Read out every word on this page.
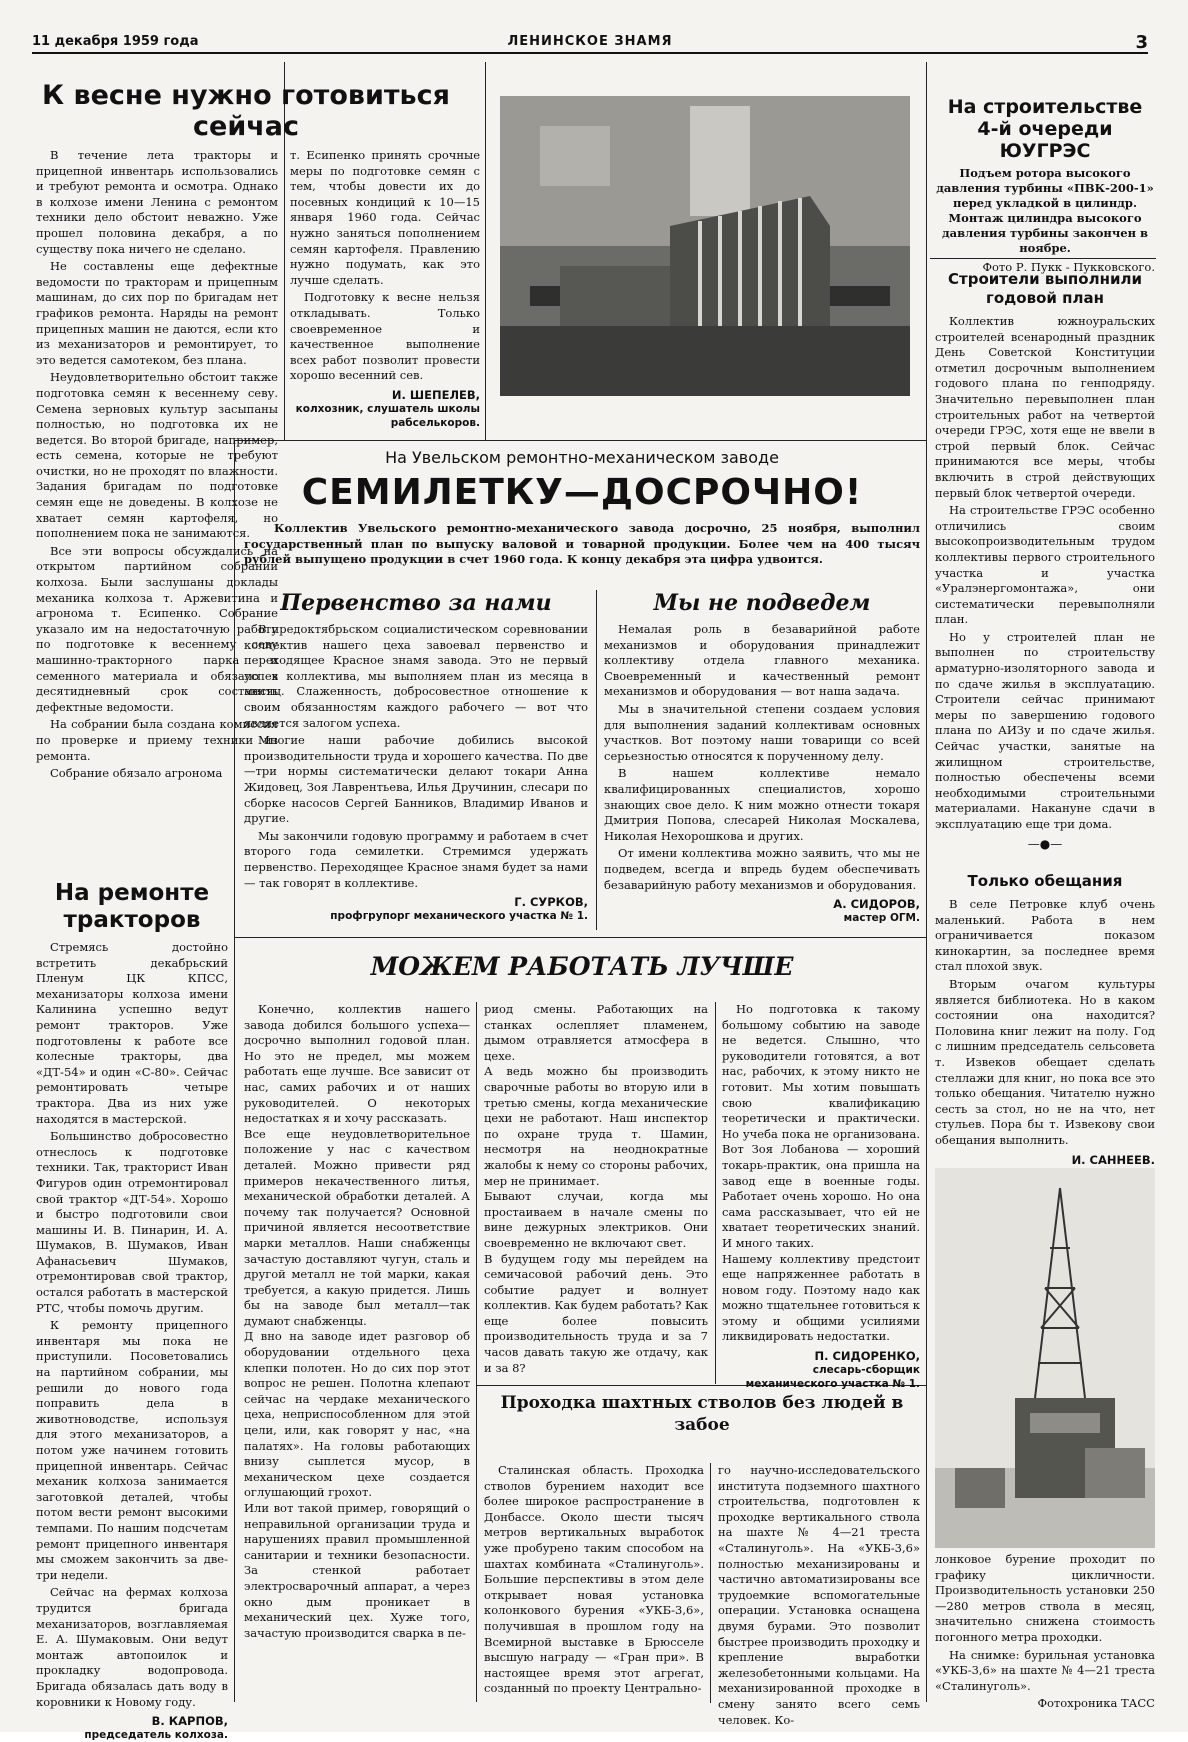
11 декабря 1959 года	ЛЕНИНСКОЕ ЗНАМЯ	3
К весне нужно готовиться сейчас

В течение лета тракторы и прицепной инвентарь использовались и требуют ремонта и осмотра. Однако в колхозе имени Ленина с ремонтом техники дело обстоит неважно. Уже прошел половина декабря, а по существу пока ничего не сделано.

Не составлены еще дефектные ведомости по тракторам и прицепным машинам, до сих пор по бригадам нет графиков ремонта. Наряды на ремонт прицепных машин не даются, если кто из механизаторов и ремонтирует, то это ведется самотеком, без плана.

Неудовлетворительно обстоит также подготовка семян к весеннему севу. Семена зерновых культур засыпаны полностью, но подготовка их не ведется. Во второй бригаде, например, есть семена, которые не требуют очистки, но не проходят по влажности. Задания бригадам по подготовке семян еще не доведены. В колхозе не хватает семян картофеля, но пополнением пока не занимаются.

Все эти вопросы обсуждались на открытом партийном собрании колхоза. Были заслушаны доклады механика колхоза т. Аржевитина и агронома т. Есипенко. Собрание указало им на недостаточную работу по подготовке к весеннему севу машинно-тракторного парка и семенного материала и обязало в десятидневный срок составить дефектные ведомости.

На собрании была создана комиссия по проверке и приему техники из ремонта.

Собрание обязало агронома

т. Есипенко принять срочные меры по подготовке семян с тем, чтобы довести их до посевных кондиций к 10—15 января 1960 года. Сейчас нужно заняться пополнением семян картофеля. Правлению нужно подумать, как это лучше сделать.

Подготовку к весне нельзя откладывать. Только своевременное и качественное выполнение всех работ позволит провести хорошо весенний сев.

И. ШЕПЕЛЕВ,

колхозник, слушатель школы рабселькоров.

На строительстве 4-й очереди ЮУГРЭС

Подъем ротора высокого давления турбины «ПВК-200-1» перед укладкой в цилиндр. Монтаж цилиндра высокого давления турбины закончен в ноябре.

Фото Р. Пукк - Пукковского.

Строители выполнили годовой план

Коллектив южноуральских строителей всенародный праздник День Советской Конституции отметил досрочным выполнением годового плана по генподряду. Значительно перевыполнен план строительных работ на четвертой очереди ГРЭС, хотя еще не ввели в строй первый блок. Сейчас принимаются все меры, чтобы включить в строй действующих первый блок четвертой очереди.

На строительстве ГРЭС особенно отличились своим высокопроизводительным трудом коллективы первого строительного участка и участка «Уралэнергомонтажа», они систематически перевыполняли план.

Но у строителей план не выполнен по строительству арматурно-изоляторного завода и по сдаче жилья в эксплуатацию. Строители сейчас принимают меры по завершению годового плана по АИЗу и по сдаче жилья. Сейчас участки, занятые на жилищном строительстве, полностью обеспечены всеми необходимыми строительными материалами. Накануне сдачи в эксплуатацию еще три дома.

—●—
Только обещания

В селе Петровке клуб очень маленький. Работа в нем ограничивается показом кинокартин, за последнее время стал плохой звук.

Вторым очагом культуры является библиотека. Но в каком состоянии она находится? Половина книг лежит на полу. Год с лишним председатель сельсовета т. Извеков обещает сделать стеллажи для книг, но пока все это только обещания. Читателю нужно сесть за стол, но не на что, нет стульев. Пора бы т. Извекову свои обещания выполнить.

И. САННЕЕВ.

лонковое бурение проходит по графику цикличности. Производительность установки 250—280 метров ствола в месяц, значительно снижена стоимость погонного метра проходки.

На снимке: бурильная установка «УКБ-3,6» на шахте № 4—21 треста «Сталинуголь».

Фотохроника ТАСС

На Увельском ремонтно-механическом заводе
СЕМИЛЕТКУ—ДОСРОЧНО!

Коллектив Увельского ремонтно-механического завода досрочно, 25 ноября, выполнил государственный план по выпуску валовой и товарной продукции. Более чем на 400 тысяч рублей выпущено продукции в счет 1960 года. К концу декабря эта цифра удвоится.

Первенство за нами

В предоктябрьском социалистическом соревновании коллектив нашего цеха завоевал первенство и переходящее Красное знамя завода. Это не первый успех коллектива, мы выполняем план из месяца в месяц. Слаженность, добросовестное отношение к своим обязанностям каждого рабочего — вот что является залогом успеха.

Многие наши рабочие добились высокой производительности труда и хорошего качества. По две—три нормы систематически делают токари Анна Жидовец, Зоя Лаврентьева, Илья Дручинин, слесари по сборке насосов Сергей Банников, Владимир Иванов и другие.

Мы закончили годовую программу и работаем в счет второго года семилетки. Стремимся удержать первенство. Переходящее Красное знамя будет за нами — так говорят в коллективе.

Г. СУРКОВ,

профгрупорг механического участка № 1.

Мы не подведем

Немалая роль в безаварийной работе механизмов и оборудования принадлежит коллективу отдела главного механика. Своевременный и качественный ремонт механизмов и оборудования — вот наша задача.

Мы в значительной степени создаем условия для выполнения заданий коллективам основных участков. Вот поэтому наши товарищи со всей серьезностью относятся к порученному делу.

В нашем коллективе немало квалифицированных специалистов, хорошо знающих свое дело. К ним можно отнести токаря Дмитрия Попова, слесарей Николая Москалева, Николая Нехорошкова и других.

От имени коллектива можно заявить, что мы не подведем, всегда и впредь будем обеспечивать безаварийную работу механизмов и оборудования.

А. СИДОРОВ,

мастер ОГМ.

На ремонте тракторов

Стремясь достойно встретить декабрьский Пленум ЦК КПСС, механизаторы колхоза имени Калинина успешно ведут ремонт тракторов. Уже подготовлены к работе все колесные тракторы, два «ДТ-54» и один «С-80». Сейчас ремонтировать четыре трактора. Два из них уже находятся в мастерской.

Большинство добросовестно отнеслось к подготовке техники. Так, тракторист Иван Фигуров один отремонтировал свой трактор «ДТ-54». Хорошо и быстро подготовили свои машины И. В. Пинарин, И. А. Шумаков, В. Шумаков, Иван Афанасьевич Шумаков, отремонтировав свой трактор, остался работать в мастерской РТС, чтобы помочь другим.

К ремонту прицепного инвентаря мы пока не приступили. Посоветовались на партийном собрании, мы решили до нового года поправить дела в животноводстве, используя для этого механизаторов, а потом уже начинем готовить прицепной инвентарь. Сейчас механик колхоза занимается заготовкой деталей, чтобы потом вести ремонт высокими темпами. По нашим подсчетам ремонт прицепного инвентаря мы сможем закончить за две-три недели.

Сейчас на фермах колхоза трудится бригада механизаторов, возглавляемая Е. А. Шумаковым. Они ведут монтаж автопоилок и прокладку водопровода. Бригада обязалась дать воду в коровники к Новому году.

В. КАРПОВ,

председатель колхоза.

МОЖЕМ РАБОТАТЬ ЛУЧШЕ

Конечно, коллектив нашего завода добился большого успеха—досрочно выполнил годовой план. Но это не предел, мы можем работать еще лучше. Все зависит от нас, самих рабочих и от наших руководителей. О некоторых недостатках я и хочу рассказать.
Все еще неудовлетворительное положение у нас с качеством деталей. Можно привести ряд примеров некачественного литья, механической обработки деталей. А почему так получается? Основной причиной является несоответствие марки металлов. Наши снабженцы зачастую доставляют чугун, сталь и другой металл не той марки, какая требуется, а какую придется. Лишь бы на заводе был металл—так думают снабженцы.
Д вно на заводе идет разговор об оборудовании отдельного цеха клепки полотен. Но до сих пор этот вопрос не решен. Полотна клепают сейчас на чердаке механического цеха, неприспособленном для этой цели, или, как говорят у нас, «на палатях». На головы работающих внизу сыплется мусор, в механическом цехе создается оглушающий грохот.
Или вот такой пример, говорящий о неправильной организации труда и нарушениях правил промышленной санитарии и техники безопасности. За стенкой работает электросварочный аппарат, а через окно дым проникает в механический цех. Хуже того, зачастую производится сварка в пе-

риод смены. Работающих на станках ослепляет пламенем, дымом отравляется атмосфера в цехе.
А ведь можно бы производить сварочные работы во вторую или в третью смены, когда механические цехи не работают. Наш инспектор по охране труда т. Шамин, несмотря на неоднократные жалобы к нему со стороны рабочих, мер не принимает.
Бывают случаи, когда мы простаиваем в начале смены по вине дежурных электриков. Они своевременно не включают свет.
В будущем году мы перейдем на семичасовой рабочий день. Это событие радует и волнует коллектив. Как будем работать? Как еще более повысить производительность труда и за 7 часов давать такую же отдачу, как и за 8?

Но подготовка к такому большому событию на заводе не ведется. Слышно, что руководители готовятся, а вот нас, рабочих, к этому никто не готовит. Мы хотим повышать свою квалификацию теоретически и практически. Но учеба пока не организована. Вот Зоя Лобанова — хороший токарь-практик, она пришла на завод еще в военные годы. Работает очень хорошо. Но она сама рассказывает, что ей не хватает теоретических знаний. И много таких.
Нашему коллективу предстоит еще напряженнее работать в новом году. Поэтому надо как можно тщательнее готовиться к этому и общими усилиями ликвидировать недостатки.

П. СИДОРЕНКО,

слесарь-сборщик механического участка № 1.

Проходка шахтных стволов без людей в забое

Сталинская область. Проходка стволов бурением находит все более широкое распространение в Донбассе. Около шести тысяч метров вертикальных выработок уже пробурено таким способом на шахтах комбината «Сталинуголь». Большие перспективы в этом деле открывает новая установка колонкового бурения «УКБ-3,6», получившая в прошлом году на Всемирной выставке в Брюсселе высшую награду — «Гран при». В настоящее время этот агрегат, созданный по проекту Центрально-

го научно-исследовательского института подземного шахтного строительства, подготовлен к проходке вертикального ствола на шахте № 4—21 треста «Сталинуголь». На «УКБ-3,6» полностью механизированы и частично автоматизированы все трудоемкие вспомогательные операции. Установка оснащена двумя бурами. Это позволит быстрее производить проходку и крепление выработки железобетонными кольцами. На механизированной проходке в смену занято всего семь человек. Ко-
